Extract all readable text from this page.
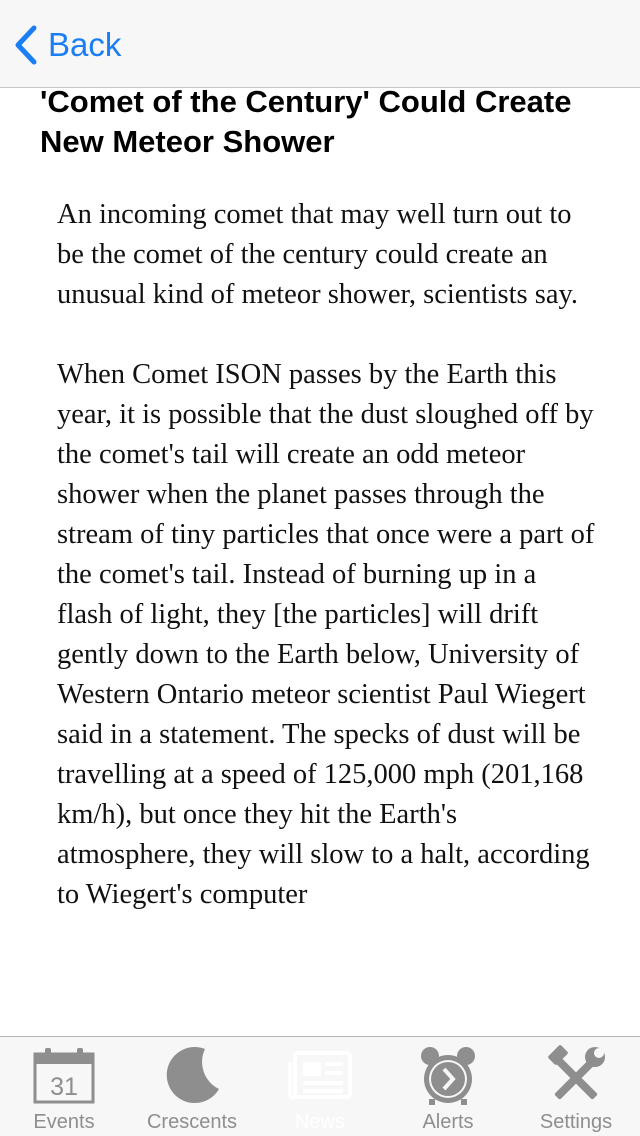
Back
'Comet of the Century' Could Create New Meteor Shower

An incoming comet that may well turn out to be the comet of the century could create an unusual kind of meteor shower, scientists say.

When Comet ISON passes by the Earth this year, it is possible that the dust sloughed off by the comet's tail will create an odd meteor shower when the planet passes through the stream of tiny particles that once were a part of the comet's tail. Instead of burning up in a flash of light, they [the particles] will drift gently down to the Earth below, University of Western Ontario meteor scientist Paul Wiegert said in a statement. The specks of dust will be travelling at a speed of 125,000 mph (201,168 km/h), but once they hit the Earth's atmosphere, they will slow to a halt, according to Wiegert's computer

31
Events	Crescents	News	Alerts	Settings
